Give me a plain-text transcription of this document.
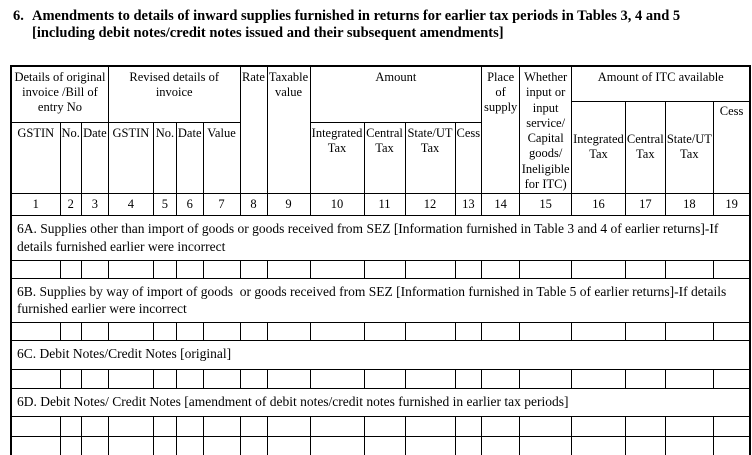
6. Amendments to details of inward supplies furnished in returns for earlier tax periods in Tables 3, 4 and 5
[including debit notes/credit notes issued and their subsequent amendments]
Details of original invoice /Bill of entry No			Revised details of invoice				Rate	Taxable value	Amount				Place of supply	Whether input or input service/ Capital goods/ Ineligible for ITC)	Amount of ITC available			
															Integrated Tax	Central Tax	State/UT Tax	Cess
GSTIN	No.	Date	GSTIN	No.	Date	Value			Integrated Tax	Central Tax	State/UT Tax	Cess						
1	2	3	4	5	6	7	8	9	10	11	12	13	14	15	16	17	18	19
6A. Supplies other than import of goods or goods received from SEZ [Information furnished in Table 3 and 4 of earlier returns]-If details furnished earlier were incorrect																		

6B. Supplies by way of import of goods  or goods received from SEZ [Information furnished in Table 5 of earlier returns]-If details furnished earlier were incorrect																		

6C. Debit Notes/Credit Notes [original]																		

6D. Debit Notes/ Credit Notes [amendment of debit notes/credit notes furnished in earlier tax periods]																		
